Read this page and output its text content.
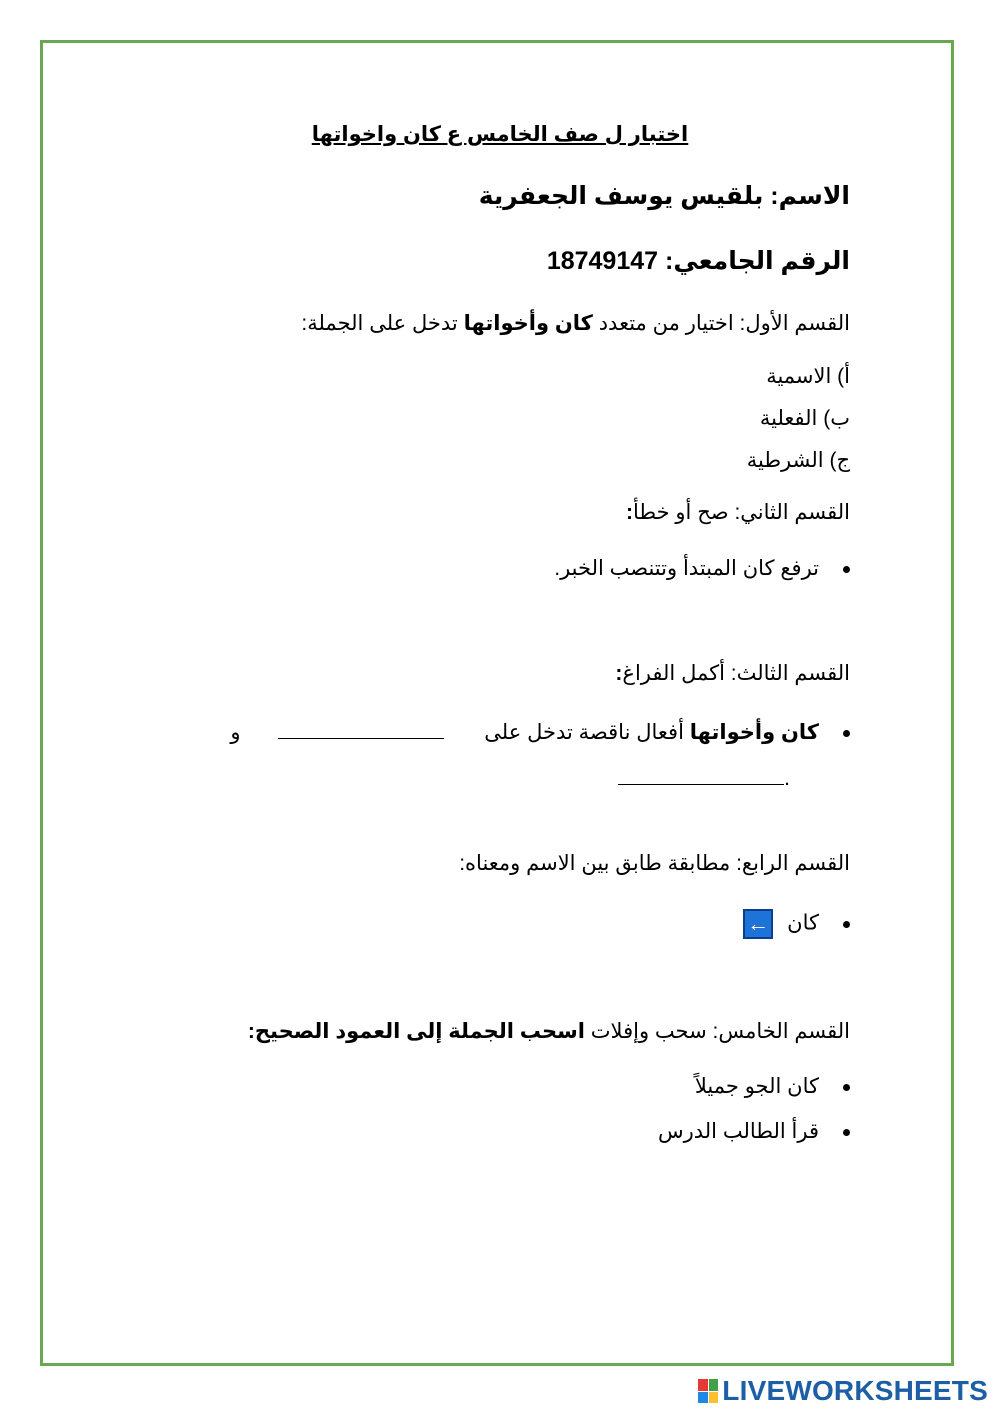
اختبار ل صف الخامس ع كان واخواتها
الاسم: بلقيس يوسف الجعفرية
الرقم الجامعي: 18749147
القسم الأول: اختيار من متعدد كان وأخواتها تدخل على الجملة:
أ) الاسمية
ب) الفعلية
ج) الشرطية
القسم الثاني: صح أو خطأ:
ترفع كان المبتدأ وتتنصب الخبر.
القسم الثالث: أكمل الفراغ:
كان وأخواتها أفعال ناقصة تدخل على  و
.
القسم الرابع: مطابقة طابق بين الاسم ومعناه:
كان←
القسم الخامس: سحب وإفلات اسحب الجملة إلى العمود الصحيح:
كان الجو جميلاً
قرأ الطالب الدرس
LIVEWORKSHEETS
